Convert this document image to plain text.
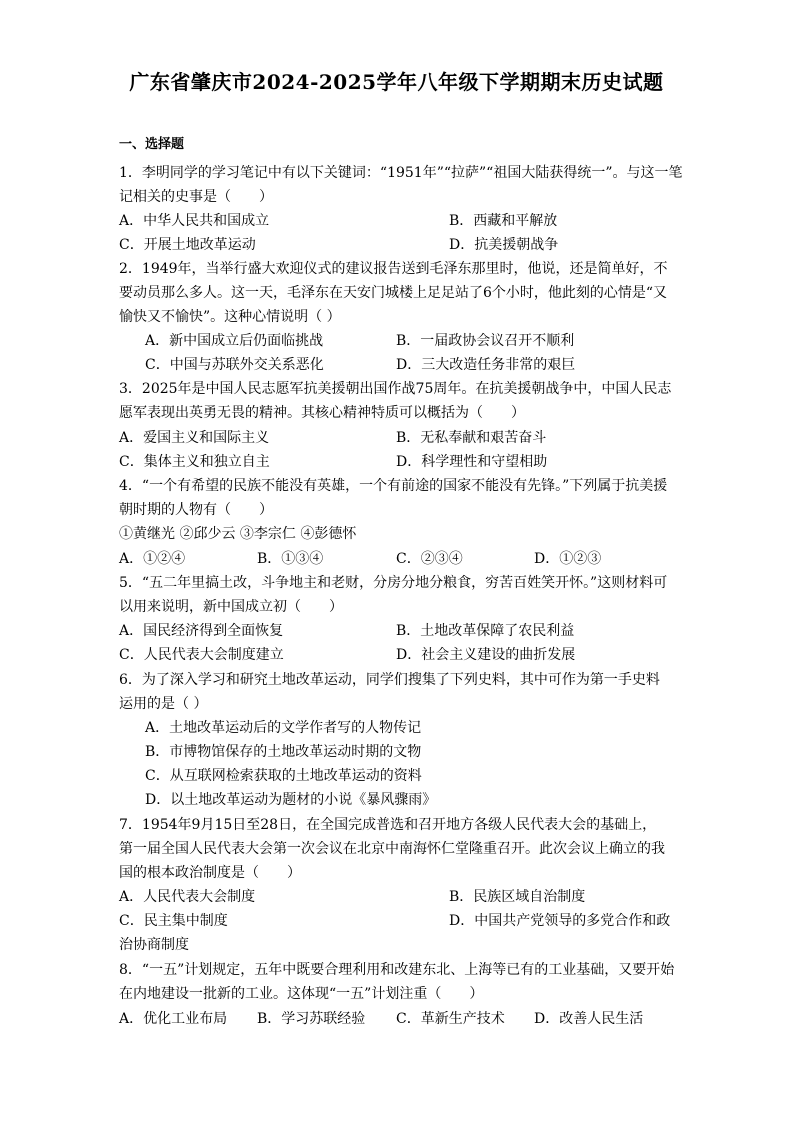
广东省肇庆市2024-2025学年八年级下学期期末历史试题
一、选择题
1．李明同学的学习笔记中有以下关键词：“1951年”“拉萨”“祖国大陆获得统一”。与这一笔
记相关的史事是（　　）
A．中华人民共和国成立	B．西藏和平解放
C．开展土地改革运动	D．抗美援朝战争
2．1949年，当举行盛大欢迎仪式的建议报告送到毛泽东那里时，他说，还是简单好，不
要动员那么多人。这一天，毛泽东在天安门城楼上足足站了6个小时，他此刻的心情是“又
愉快又不愉快”。这种心情说明（ ）
A．新中国成立后仍面临挑战	B．一届政协会议召开不顺利
C．中国与苏联外交关系恶化	D．三大改造任务非常的艰巨
3．2025年是中国人民志愿军抗美援朝出国作战75周年。在抗美援朝战争中，中国人民志
愿军表现出英勇无畏的精神。其核心精神特质可以概括为（　　）
A．爱国主义和国际主义	B．无私奉献和艰苦奋斗
C．集体主义和独立自主	D．科学理性和守望相助
4．“一个有希望的民族不能没有英雄，一个有前途的国家不能没有先锋。”下列属于抗美援
朝时期的人物有（　　）
①黄继光 ②邱少云 ③李宗仁 ④彭德怀
A．①②④	B．①③④	C．②③④	D．①②③
5．“五二年里搞土改，斗争地主和老财，分房分地分粮食，穷苦百姓笑开怀。”这则材料可
以用来说明，新中国成立初（　　）
A．国民经济得到全面恢复	B．土地改革保障了农民利益
C．人民代表大会制度建立	D．社会主义建设的曲折发展
6．为了深入学习和研究土地改革运动，同学们搜集了下列史料，其中可作为第一手史料
运用的是（ ）
A．土地改革运动后的文学作者写的人物传记
B．市博物馆保存的土地改革运动时期的文物
C．从互联网检索获取的土地改革运动的资料
D．以土地改革运动为题材的小说《暴风骤雨》
7．1954年9月15日至28日，在全国完成普选和召开地方各级人民代表大会的基础上，
第一届全国人民代表大会第一次会议在北京中南海怀仁堂隆重召开。此次会议上确立的我
国的根本政治制度是（　　）
A．人民代表大会制度	B．民族区域自治制度
C．民主集中制度	D．中国共产党领导的多党合作和政
治协商制度
8．“一五”计划规定，五年中既要合理利用和改建东北、上海等已有的工业基础，又要开始
在内地建设一批新的工业。这体现“一五”计划注重（　　）
A．优化工业布局 B．学习苏联经验 C．革新生产技术 D．改善人民生活
